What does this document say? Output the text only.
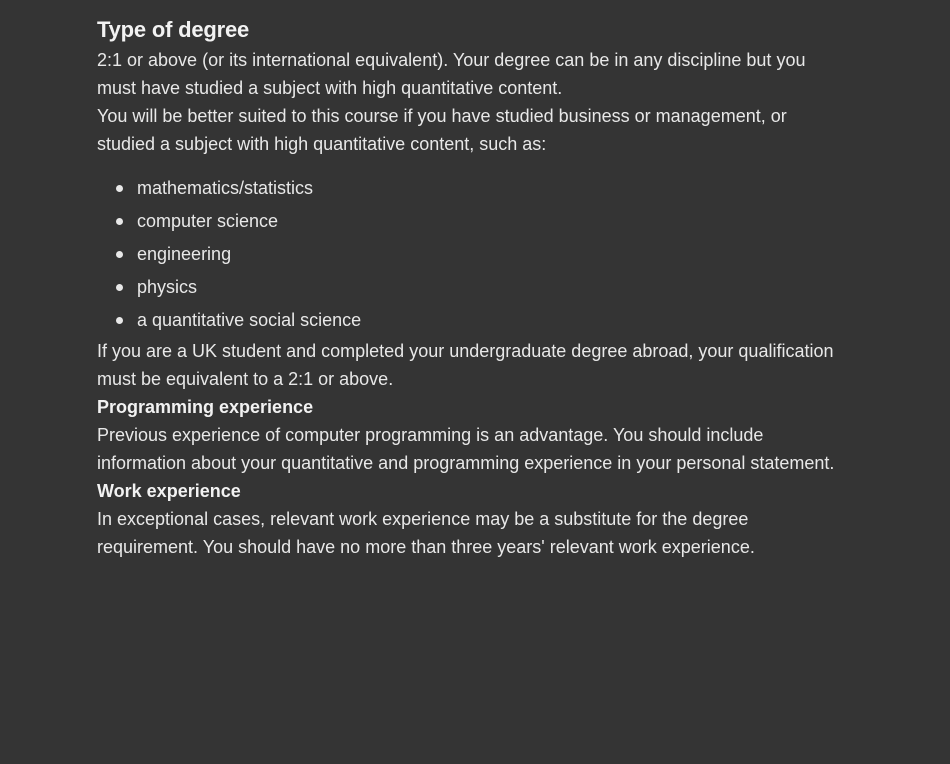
Type of degree

2:1 or above (or its international equivalent). Your degree can be in any discipline but you must have studied a subject with high quantitative content.

You will be better suited to this course if you have studied business or management, or studied a subject with high quantitative content, such as:

mathematics/statistics
computer science
engineering
physics
a quantitative social science

If you are a UK student and completed your undergraduate degree abroad, your qualification must be equivalent to a 2:1 or above.

Programming experience

Previous experience of computer programming is an advantage. You should include information about your quantitative and programming experience in your personal statement.

Work experience

In exceptional cases, relevant work experience may be a substitute for the degree requirement. You should have no more than three years' relevant work experience.
